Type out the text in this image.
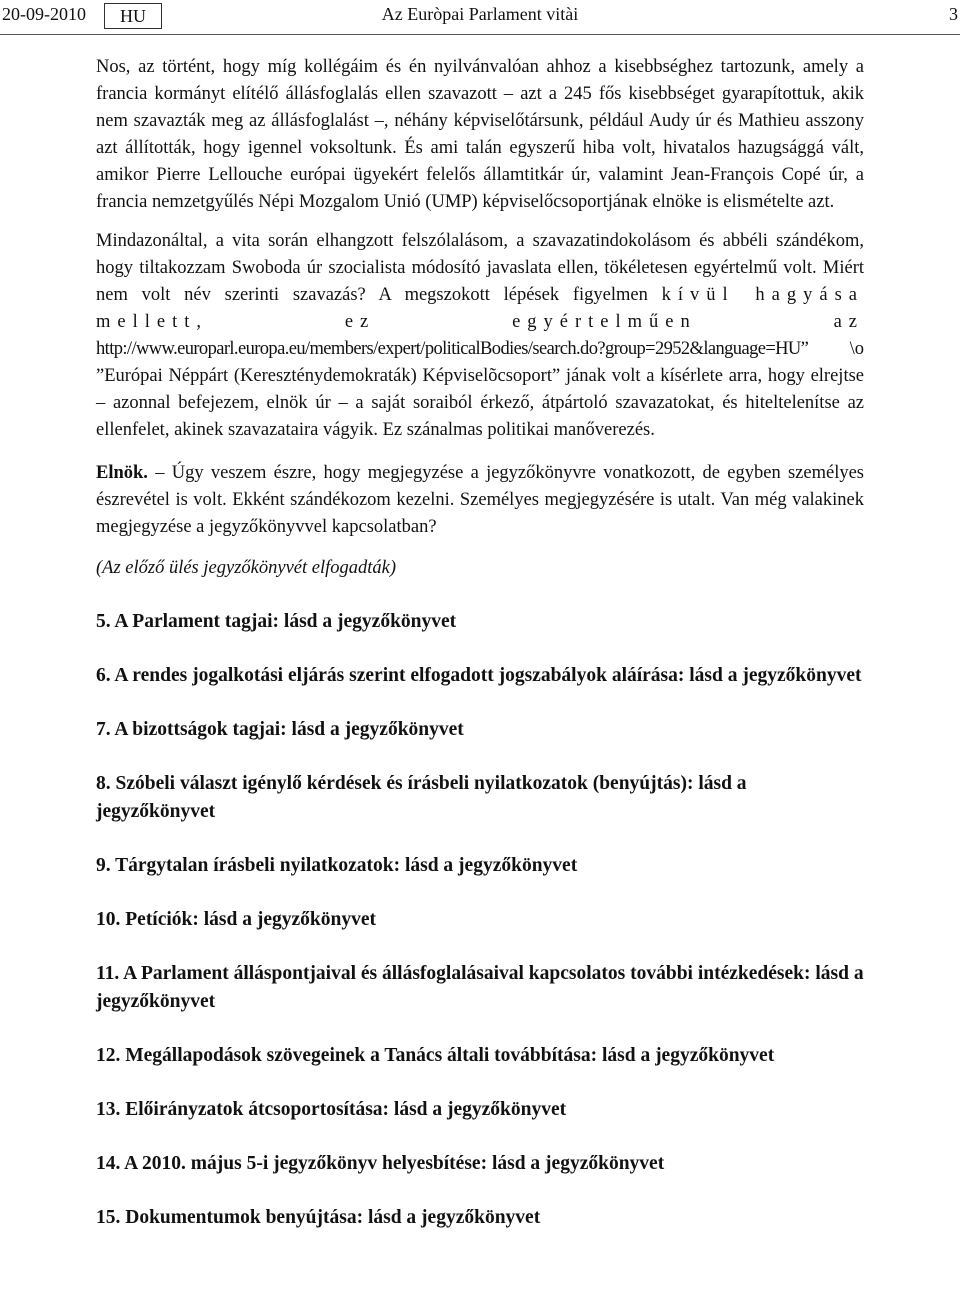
20-09-2010	HU	Az Euròpai Parlament vitài	3

Nos, az történt, hogy míg kollégáim és én nyilvánvalóan ahhoz a kisebbséghez tartozunk, amely a francia kormányt elítélő állásfoglalás ellen szavazott – azt a 245 fős kisebbséget gyarapítottuk, akik nem szavazták meg az állásfoglalást –, néhány képviselőtársunk, például Audy úr és Mathieu asszony azt állították, hogy igennel voksoltunk. És ami talán egyszerű hiba volt, hivatalos hazugsággá vált, amikor Pierre Lellouche európai ügyekért felelős államtitkár úr, valamint Jean-François Copé úr, a francia nemzetgyűlés Népi Mozgalom Unió (UMP) képviselőcsoportjának elnöke is elismételte azt.

Mindazonáltal, a vita során elhangzott felszólalásom, a szavazatindokolásom és abbéli szándékom, hogy tiltakozzam Swoboda úr szocialista módosító javaslata ellen, tökéletesen egyértelmű volt. Miért nem volt név szerinti szavazás? A megszokott lépések figyelmen kívül hagyása mellett, ez egyértelműen az http://www.europarl.europa.eu/members/expert/politicalBodies/search.do?group=2952&language=HU” \o ”Európai Néppárt (Kereszténydemokraták) Képviselõcsoport” jának volt a kísérlete arra, hogy elrejtse – azonnal befejezem, elnök úr – a saját soraiból érkező, átpártoló szavazatokat, és hiteltelenítse az ellenfelet, akinek szavazataira vágyik. Ez szánalmas politikai manőverezés.

Elnök. – Úgy veszem észre, hogy megjegyzése a jegyzőkönyvre vonatkozott, de egyben személyes észrevétel is volt. Ekként szándékozom kezelni. Személyes megjegyzésére is utalt. Van még valakinek megjegyzése a jegyzőkönyvvel kapcsolatban?

(Az előző ülés jegyzőkönyvét elfogadták)

5. A Parlament tagjai: lásd a jegyzőkönyvet

6. A rendes jogalkotási eljárás szerint elfogadott jogszabályok aláírása: lásd a jegyzőkönyvet

7. A bizottságok tagjai: lásd a jegyzőkönyvet

8. Szóbeli választ igénylő kérdések és írásbeli nyilatkozatok (benyújtás): lásd a jegyzőkönyvet

9. Tárgytalan írásbeli nyilatkozatok: lásd a jegyzőkönyvet

10. Petíciók: lásd a jegyzőkönyvet

11. A Parlament álláspontjaival és állásfoglalásaival kapcsolatos további intézkedések: lásd a jegyzőkönyvet

12. Megállapodások szövegeinek a Tanács általi továbbítása: lásd a jegyzőkönyvet

13. Előirányzatok átcsoportosítása: lásd a jegyzőkönyvet

14. A 2010. május 5-i jegyzőkönyv helyesbítése: lásd a jegyzőkönyvet

15. Dokumentumok benyújtása: lásd a jegyzőkönyvet
